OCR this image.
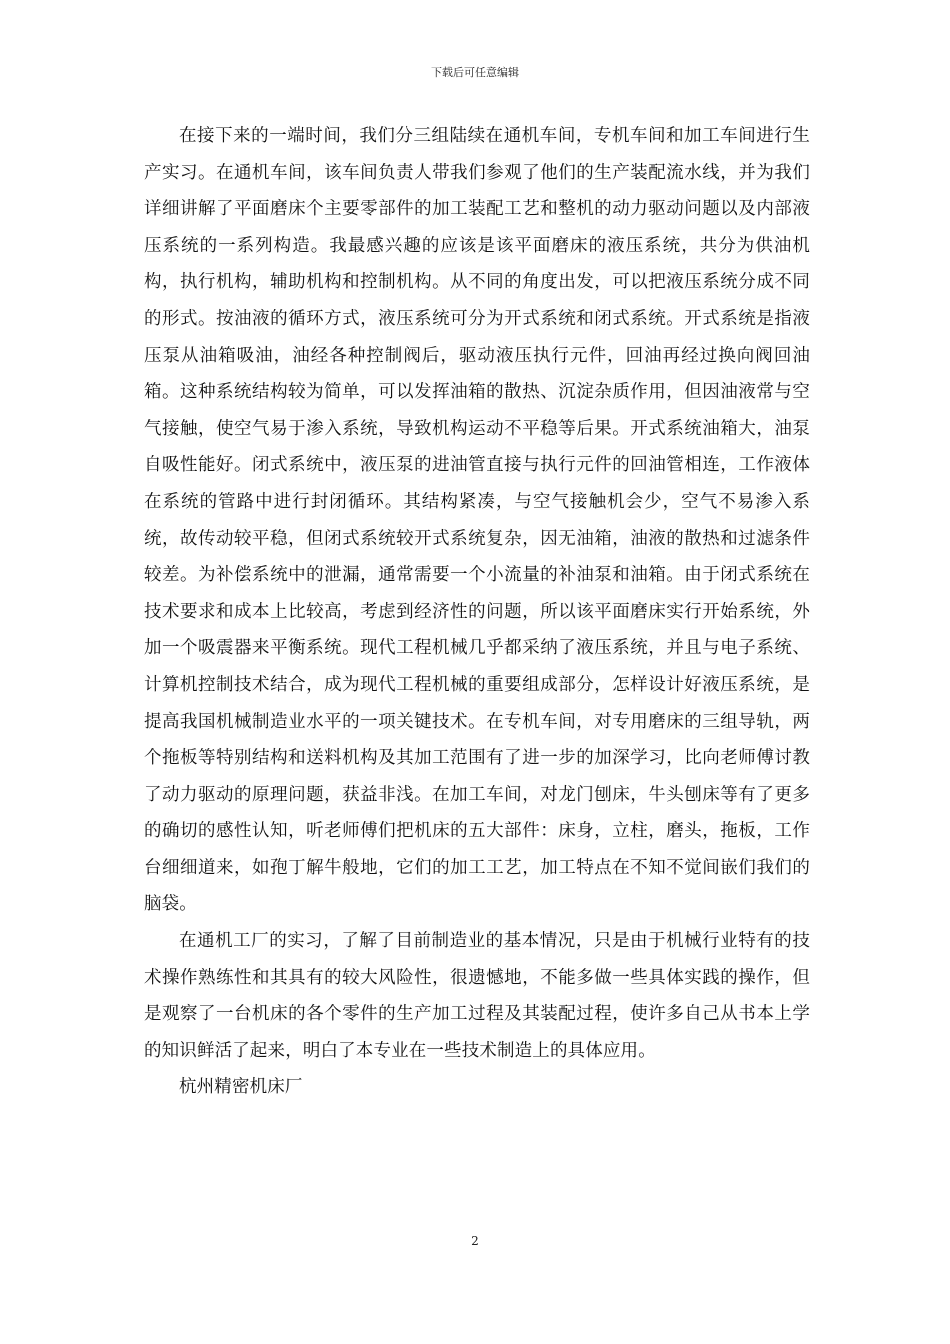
下载后可任意编辑

在接下来的一端时间，我们分三组陆续在通机车间，专机车间和加工车间进行生产实习。在通机车间，该车间负责人带我们参观了他们的生产装配流水线，并为我们详细讲解了平面磨床个主要零部件的加工装配工艺和整机的动力驱动问题以及内部液压系统的一系列构造。我最感兴趣的应该是该平面磨床的液压系统，共分为供油机构，执行机构，辅助机构和控制机构。从不同的角度出发，可以把液压系统分成不同的形式。按油液的循环方式，液压系统可分为开式系统和闭式系统。开式系统是指液压泵从油箱吸油，油经各种控制阀后，驱动液压执行元件，回油再经过换向阀回油箱。这种系统结构较为简单，可以发挥油箱的散热、沉淀杂质作用，但因油液常与空气接触，使空气易于渗入系统，导致机构运动不平稳等后果。开式系统油箱大，油泵自吸性能好。闭式系统中，液压泵的进油管直接与执行元件的回油管相连，工作液体在系统的管路中进行封闭循环。其结构紧凑，与空气接触机会少，空气不易渗入系统，故传动较平稳，但闭式系统较开式系统复杂，因无油箱，油液的散热和过滤条件较差。为补偿系统中的泄漏，通常需要一个小流量的补油泵和油箱。由于闭式系统在技术要求和成本上比较高，考虑到经济性的问题，所以该平面磨床实行开始系统，外加一个吸震器来平衡系统。现代工程机械几乎都采纳了液压系统，并且与电子系统、计算机控制技术结合，成为现代工程机械的重要组成部分，怎样设计好液压系统，是提高我国机械制造业水平的一项关键技术。在专机车间，对专用磨床的三组导轨，两个拖板等特别结构和送料机构及其加工范围有了进一步的加深学习，比向老师傅讨教了动力驱动的原理问题，获益非浅。在加工车间，对龙门刨床，牛头刨床等有了更多的确切的感性认知，听老师傅们把机床的五大部件：床身，立柱，磨头，拖板，工作台细细道来，如孢丁解牛般地，它们的加工工艺，加工特点在不知不觉间嵌们我们的脑袋。

在通机工厂的实习，了解了目前制造业的基本情况，只是由于机械行业特有的技术操作熟练性和其具有的较大风险性，很遗憾地，不能多做一些具体实践的操作，但是观察了一台机床的各个零件的生产加工过程及其装配过程，使许多自己从书本上学的知识鲜活了起来，明白了本专业在一些技术制造上的具体应用。

杭州精密机床厂

2
